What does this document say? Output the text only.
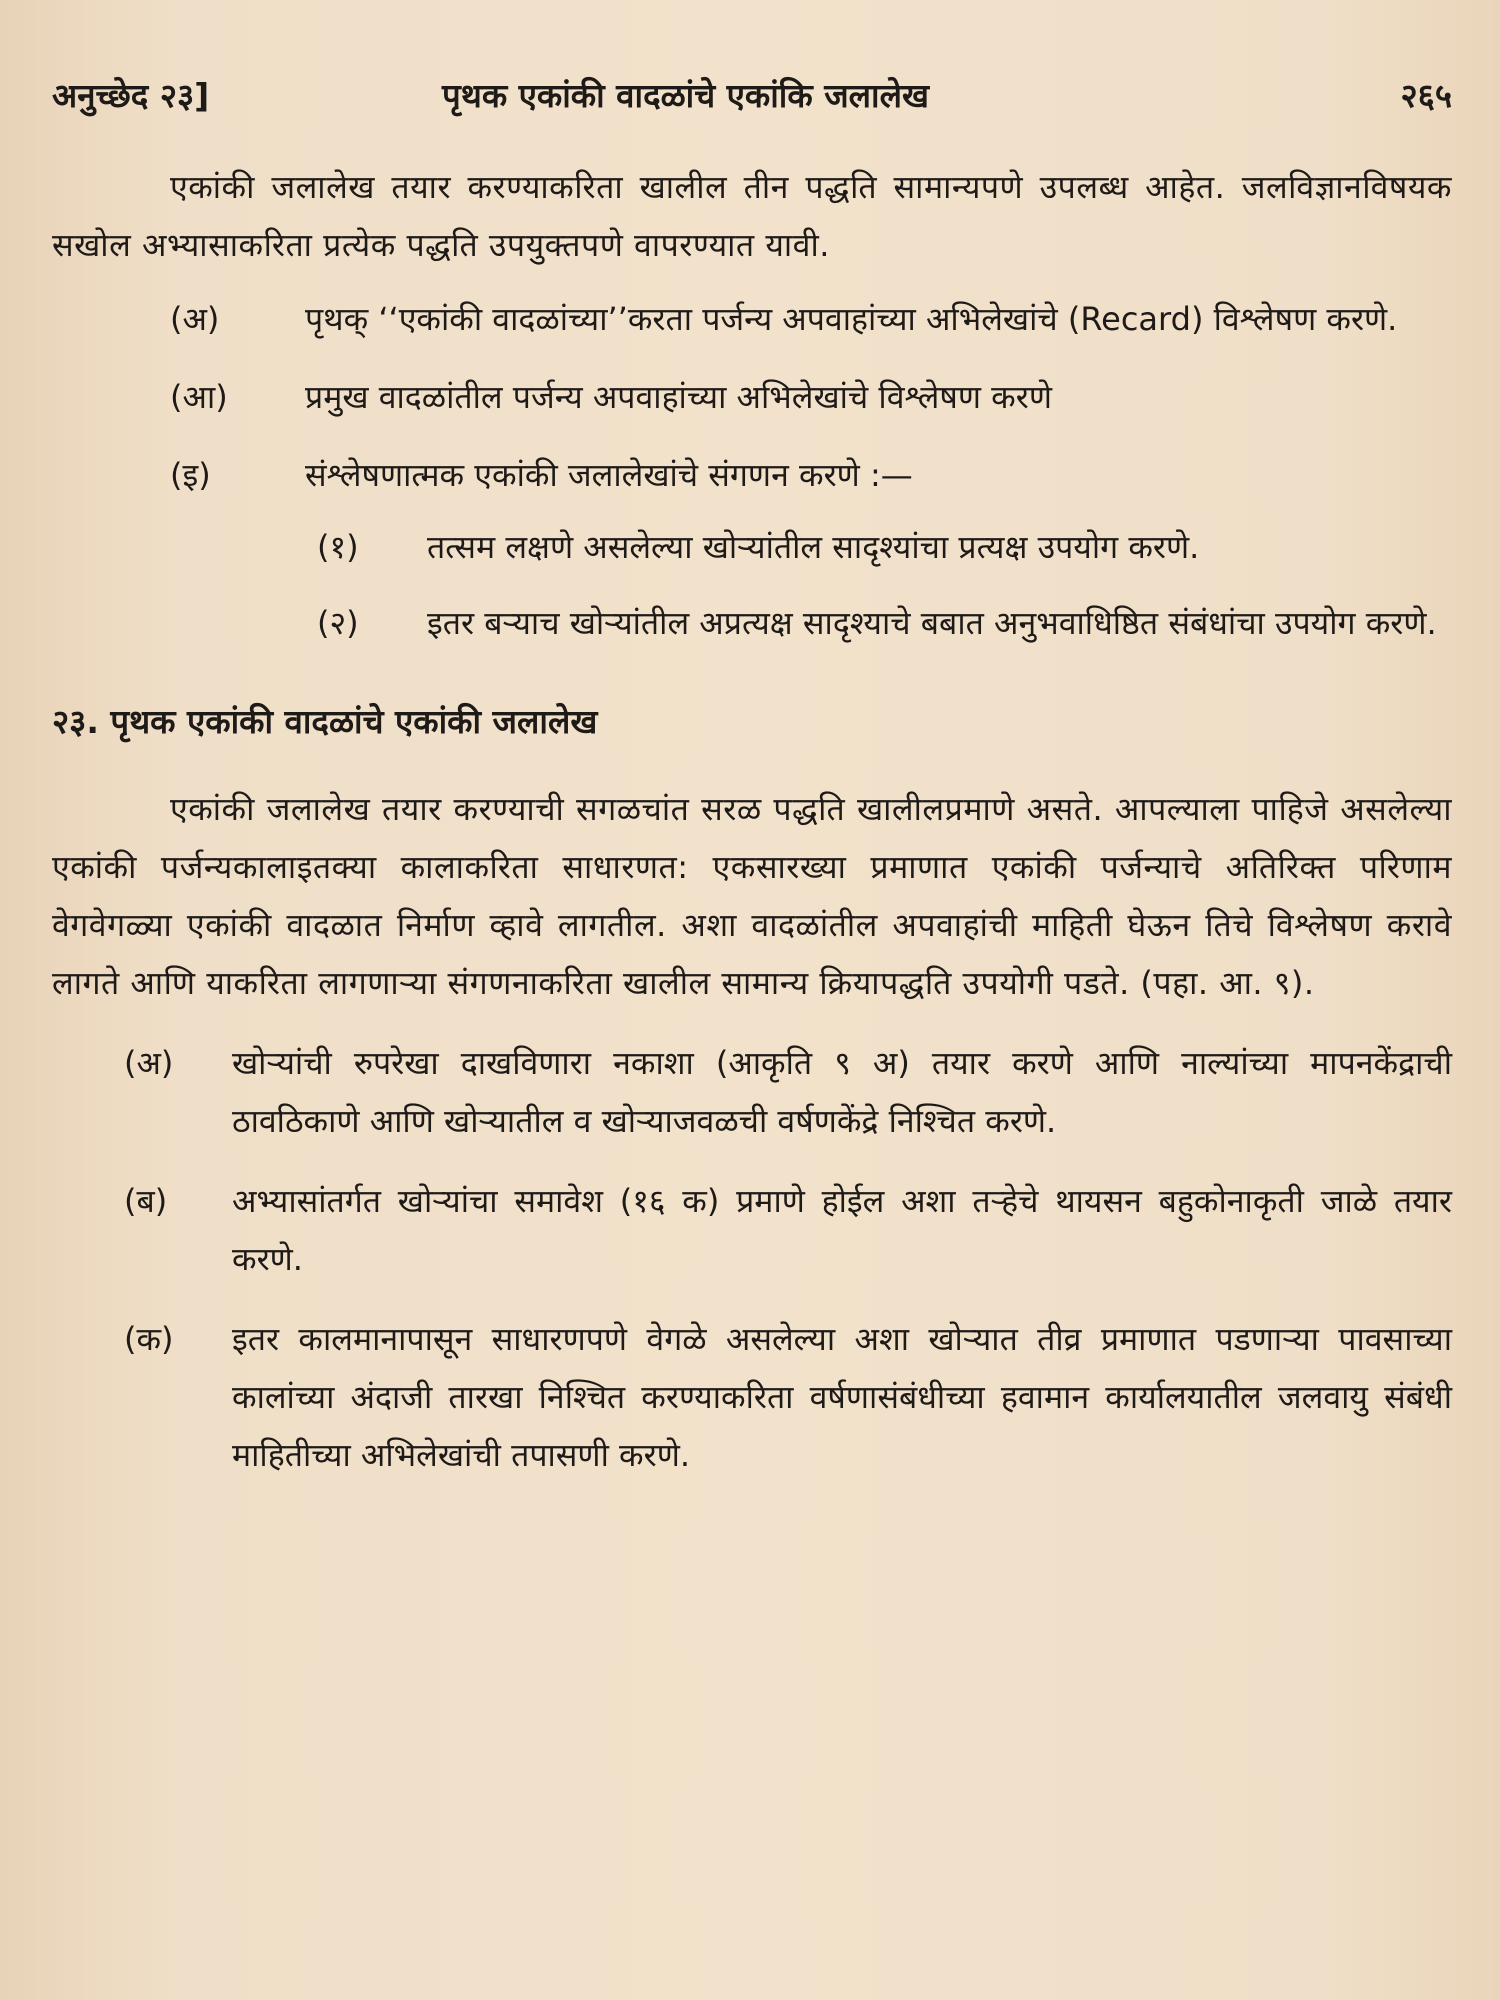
अनुच्छेद २३]	पृथक एकांकी वादळांचे एकांकि जलालेख	२६५

एकांकी जलालेख तयार करण्याकरिता खालील तीन पद्धति सामान्यपणे उपलब्ध आहेत. जलविज्ञानविषयक सखोल अभ्यासाकरिता प्रत्येक पद्धति उपयुक्तपणे वापरण्यात यावी.

(अ)	पृथक् ‘‘एकांकी वादळांच्या’’करता पर्जन्य अपवाहांच्या अभिलेखांचे (Recard) विश्लेषण करणे.
(आ) प्रमुख वादळांतील पर्जन्य अपवाहांच्या अभिलेखांचे विश्लेषण करणे
(इ)	संश्लेषणात्मक एकांकी जलालेखांचे संगणन करणे :—
(१) तत्सम लक्षणे असलेल्या खोऱ्यांतील सादृश्यांचा प्रत्यक्ष उपयोग करणे.
(२) इतर बऱ्याच खोऱ्यांतील अप्रत्यक्ष सादृश्याचे बबात अनुभवाधिष्ठित संबंधांचा उपयोग करणे.
२३. पृथक एकांकी वादळांचे एकांकी जलालेख

एकांकी जलालेख तयार करण्याची सगळचांत सरळ पद्धति खालीलप्रमाणे असते. आपल्याला पाहिजे असलेल्या एकांकी पर्जन्यकालाइतक्या कालाकरिता साधारणत: एकसारख्या प्रमाणात एकांकी पर्जन्याचे अतिरिक्त परिणाम वेगवेगळ्या एकांकी वादळात निर्माण व्हावे लागतील. अशा वादळांतील अपवाहांची माहिती घेऊन तिचे विश्लेषण करावे लागते आणि याकरिता लागणाऱ्या संगणनाकरिता खालील सामान्य क्रियापद्धति उपयोगी पडते. (पहा. आ. ९).

(अ) खोऱ्यांची रुपरेखा दाखविणारा नकाशा (आकृति ९ अ) तयार करणे आणि नाल्यांच्या मापनकेंद्राची ठावठिकाणे आणि खोऱ्यातील व खोऱ्याजवळची वर्षणकेंद्रे निश्चित करणे.
(ब) अभ्यासांतर्गत खोऱ्यांचा समावेश (१६ क) प्रमाणे होईल अशा तऱ्हेचे थायसन बहुकोनाकृती जाळे तयार करणे.
(क) इतर कालमानापासून साधारणपणे वेगळे असलेल्या अशा खोऱ्यात तीव्र प्रमाणात पडणाऱ्या पावसाच्या कालांच्या अंदाजी तारखा निश्चित करण्याकरिता वर्षणासंबंधीच्या हवामान कार्यालयातील जलवायु संबंधी माहितीच्या अभिलेखांची तपासणी करणे.
